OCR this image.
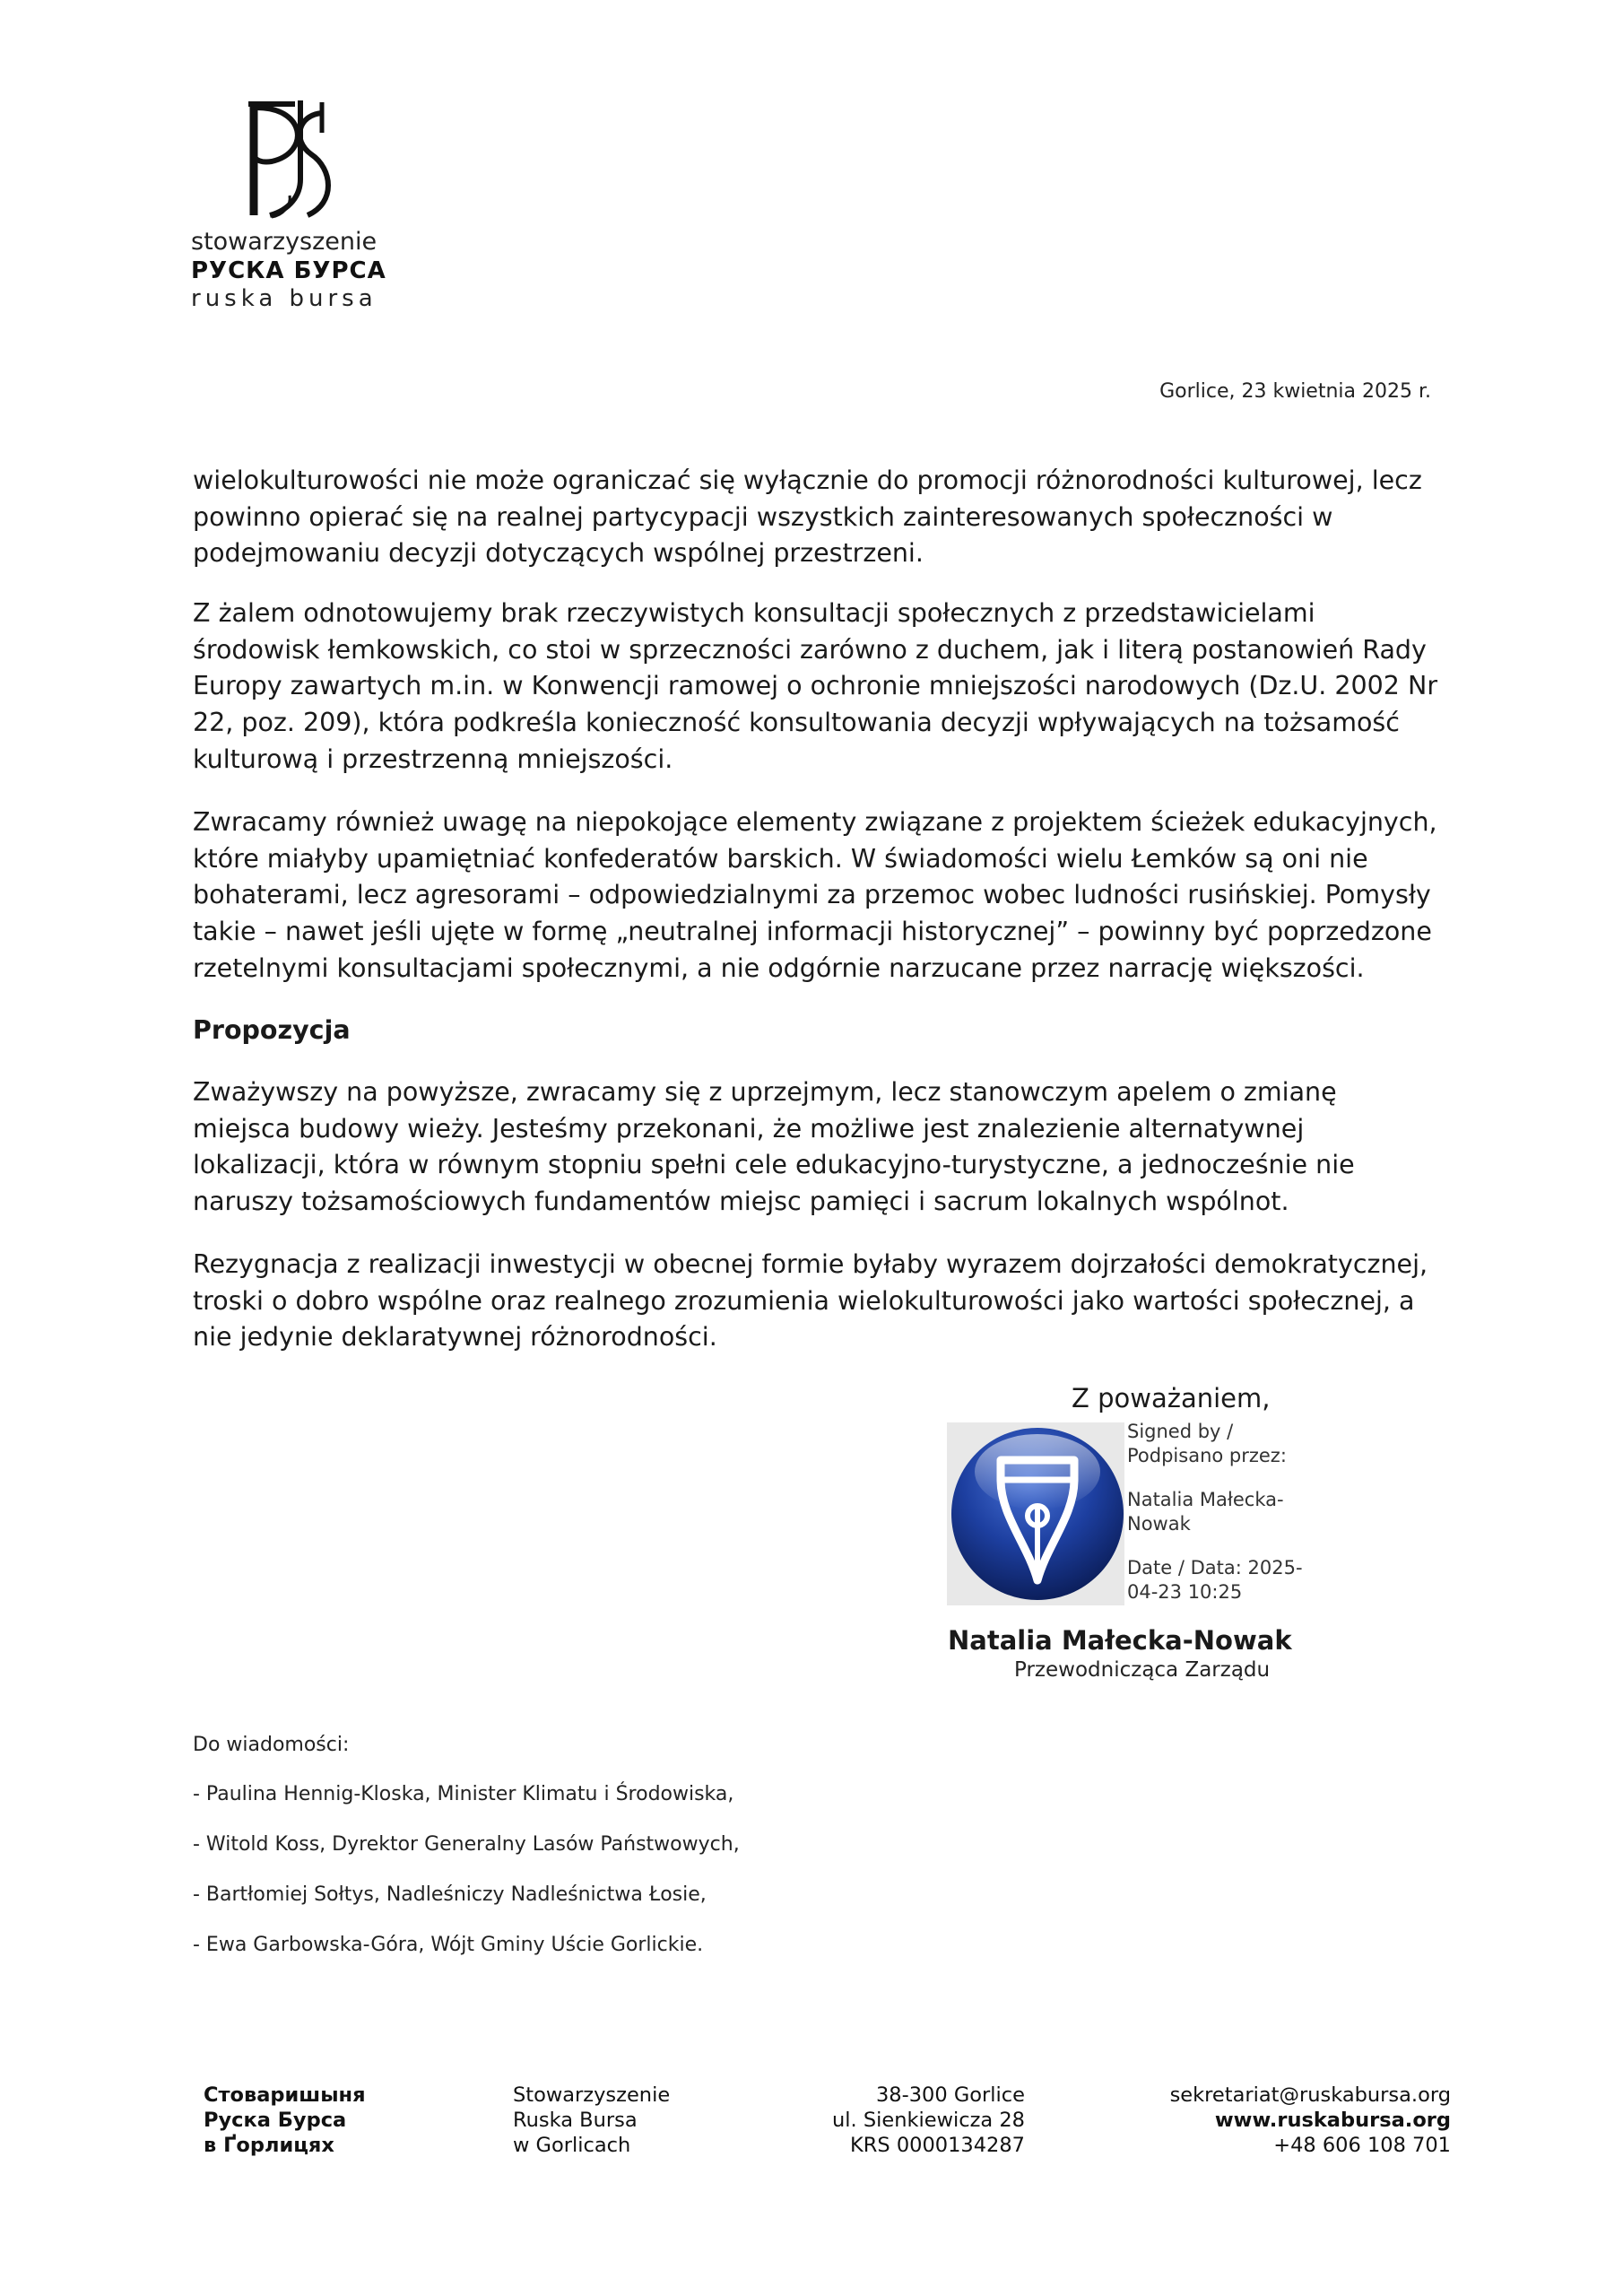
stowarzyszenie
РУСКА БУРСА
ruska bursa
Gorlice, 23 kwietnia 2025 r.

wielokulturowości nie może ograniczać się wyłącznie do promocji różnorodności kulturowej, lecz powinno opierać się na realnej partycypacji wszystkich zainteresowanych społeczności w podejmowaniu decyzji dotyczących wspólnej przestrzeni.

Z żalem odnotowujemy brak rzeczywistych konsultacji społecznych z przedstawicielami środowisk łemkowskich, co stoi w sprzeczności zarówno z duchem, jak i literą postanowień Rady Europy zawartych m.in. w Konwencji ramowej o ochronie mniejszości narodowych (Dz.U. 2002 Nr 22, poz. 209), która podkreśla konieczność konsultowania decyzji wpływających na tożsamość kulturową i przestrzenną mniejszości.

Zwracamy również uwagę na niepokojące elementy związane z projektem ścieżek edukacyjnych, które miałyby upamiętniać konfederatów barskich. W świadomości wielu Łemków są oni nie bohaterami, lecz agresorami – odpowiedzialnymi za przemoc wobec ludności rusińskiej. Pomysły takie – nawet jeśli ujęte w formę „neutralnej informacji historycznej” – powinny być poprzedzone rzetelnymi konsultacjami społecznymi, a nie odgórnie narzucane przez narrację większości.

Propozycja

Zważywszy na powyższe, zwracamy się z uprzejmym, lecz stanowczym apelem o zmianę miejsca budowy wieży. Jesteśmy przekonani, że możliwe jest znalezienie alternatywnej lokalizacji, która w równym stopniu spełni cele edukacyjno-turystyczne, a jednocześnie nie naruszy tożsamościowych fundamentów miejsc pamięci i sacrum lokalnych wspólnot.

Rezygnacja z realizacji inwestycji w obecnej formie byłaby wyrazem dojrzałości demokratycznej, troski o dobro wspólne oraz realnego zrozumienia wielokulturowości jako wartości społecznej, a nie jedynie deklaratywnej różnorodności.

Z poważaniem,

Signed by / Podpisano przez:

Natalia Małecka-Nowak

Date / Data: 2025-04-23 10:25

Natalia Małecka-Nowak
Przewodnicząca Zarządu

Do wiadomości:

- Paulina Hennig-Kloska, Minister Klimatu i Środowiska,

- Witold Koss, Dyrektor Generalny Lasów Państwowych,

- Bartłomiej Sołtys, Nadleśniczy Nadleśnictwa Łosie,

- Ewa Garbowska-Góra, Wójt Gminy Uście Gorlickie.

Стоваришыня
Руска Бурса
в Ґорлицях
Stowarzyszenie
Ruska Bursa
w Gorlicach
38-300 Gorlice
ul. Sienkiewicza 28
KRS 0000134287
sekretariat@ruskabursa.org
www.ruskabursa.org
+48 606 108 701
